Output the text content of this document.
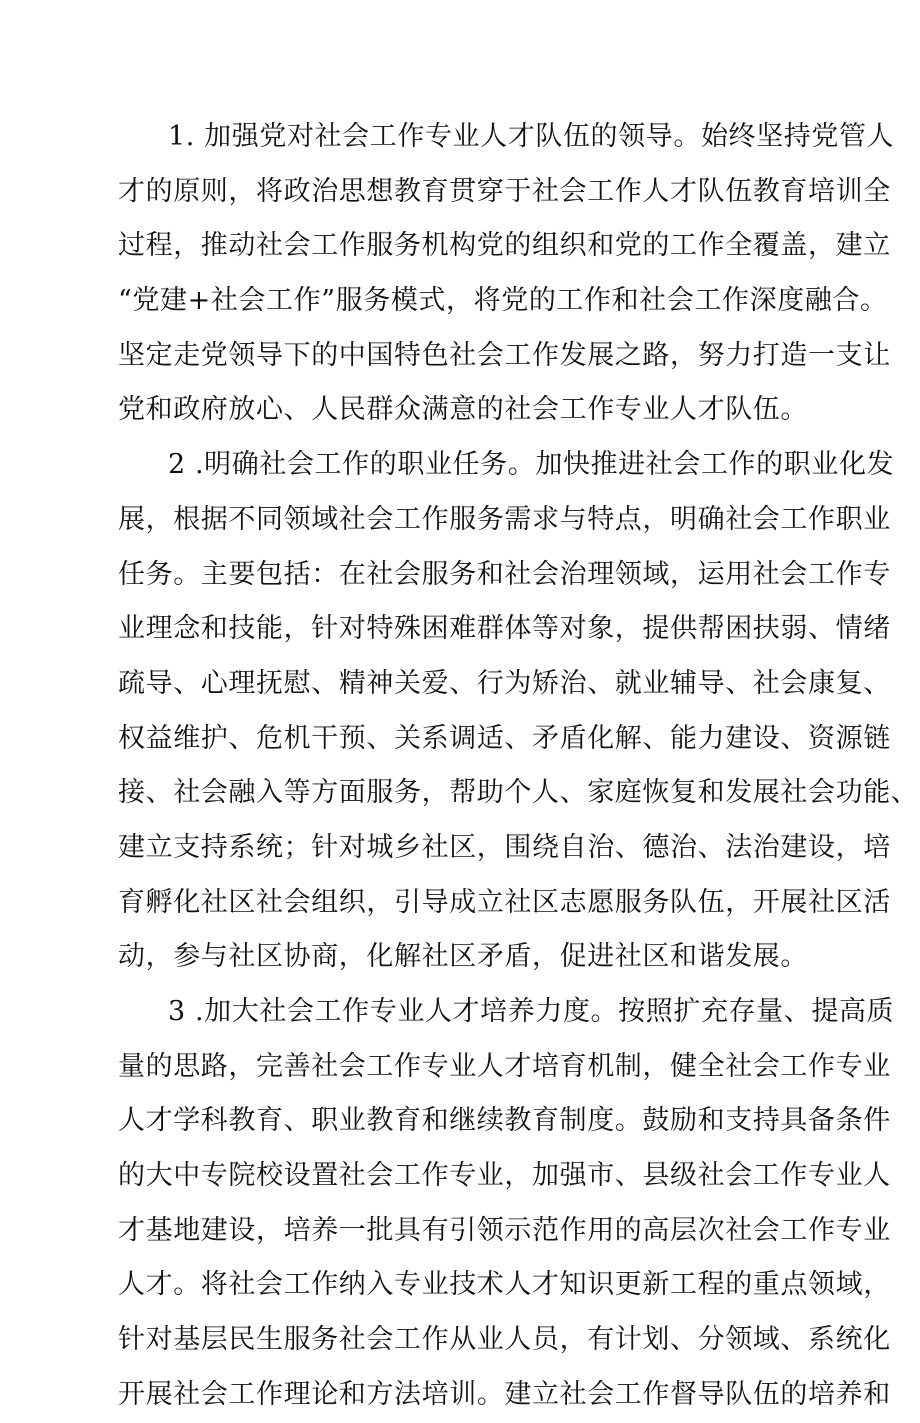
1. 加强党对社会工作专业人才队伍的领导。始终坚持党管人
才的原则，将政治思想教育贯穿于社会工作人才队伍教育培训全
过程，推动社会工作服务机构党的组织和党的工作全覆盖，建立
“党建+社会工作”服务模式，将党的工作和社会工作深度融合。
坚定走党领导下的中国特色社会工作发展之路，努力打造一支让
党和政府放心、人民群众满意的社会工作专业人才队伍。
2 .明确社会工作的职业任务。加快推进社会工作的职业化发
展，根据不同领域社会工作服务需求与特点，明确社会工作职业
任务。主要包括：在社会服务和社会治理领域，运用社会工作专
业理念和技能，针对特殊困难群体等对象，提供帮困扶弱、情绪
疏导、心理抚慰、精神关爱、行为矫治、就业辅导、社会康复、
权益维护、危机干预、关系调适、矛盾化解、能力建设、资源链
接、社会融入等方面服务，帮助个人、家庭恢复和发展社会功能、
建立支持系统；针对城乡社区，围绕自治、德治、法治建设，培
育孵化社区社会组织，引导成立社区志愿服务队伍，开展社区活
动，参与社区协商，化解社区矛盾，促进社区和谐发展。
3 .加大社会工作专业人才培养力度。按照扩充存量、提高质
量的思路，完善社会工作专业人才培育机制，健全社会工作专业
人才学科教育、职业教育和继续教育制度。鼓励和支持具备条件
的大中专院校设置社会工作专业，加强市、县级社会工作专业人
才基地建设，培养一批具有引领示范作用的高层次社会工作专业
人才。将社会工作纳入专业技术人才知识更新工程的重点领域，
针对基层民生服务社会工作从业人员，有计划、分领域、系统化
开展社会工作理论和方法培训。建立社会工作督导队伍的培养和
